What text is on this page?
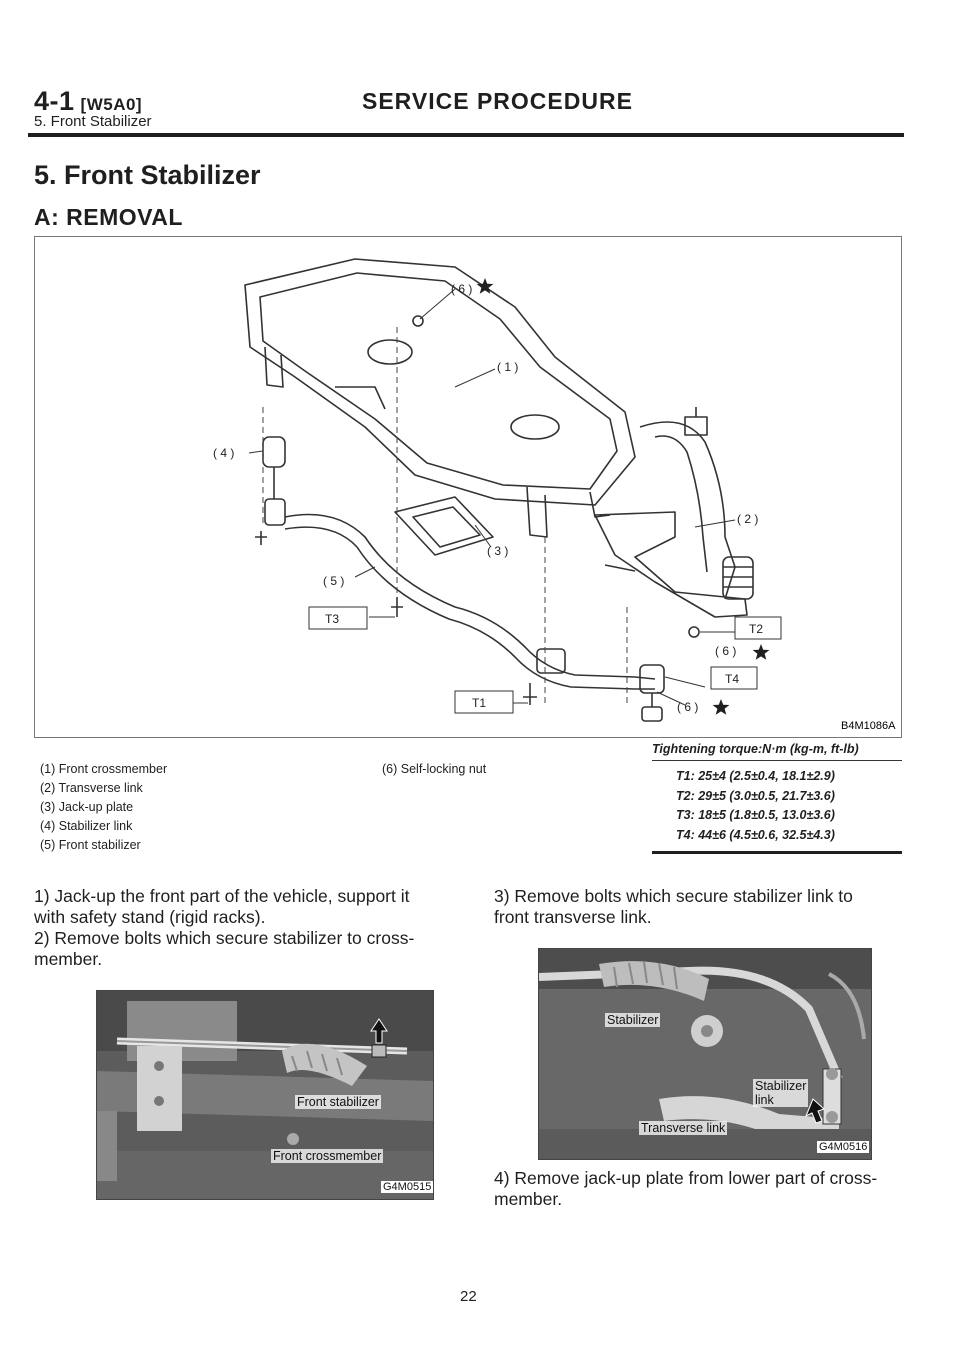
4-1 [W5A0]	SERVICE PROCEDURE
5. Front Stabilizer
5. Front Stabilizer
A: REMOVAL
( 6 )
( 1 )
( 2 )
( 3 )
( 4 )
( 5 )
( 6 )
( 6 )
T3
T2
T4
T1
B4M1086A
(1) Front crossmember
(2) Transverse link
(3) Jack-up plate
(4) Stabilizer link
(5) Front stabilizer
(6) Self-locking nut
Tightening torque:N·m (kg-m, ft-lb)
T1: 25±4 (2.5±0.4, 18.1±2.9)
T2: 29±5 (3.0±0.5, 21.7±3.6)
T3: 18±5 (1.8±0.5, 13.0±3.6)
T4: 44±6 (4.5±0.6, 32.5±4.3)
1) Jack-up the front part of the vehicle, support it
with safety stand (rigid racks).
2) Remove bolts which secure stabilizer to cross-
member.
Front stabilizer
Front crossmember
G4M0515
3) Remove bolts which secure stabilizer link to
front transverse link.
Stabilizer
Stabilizer
link
Transverse link
G4M0516
4) Remove jack-up plate from lower part of cross-
member.
22
